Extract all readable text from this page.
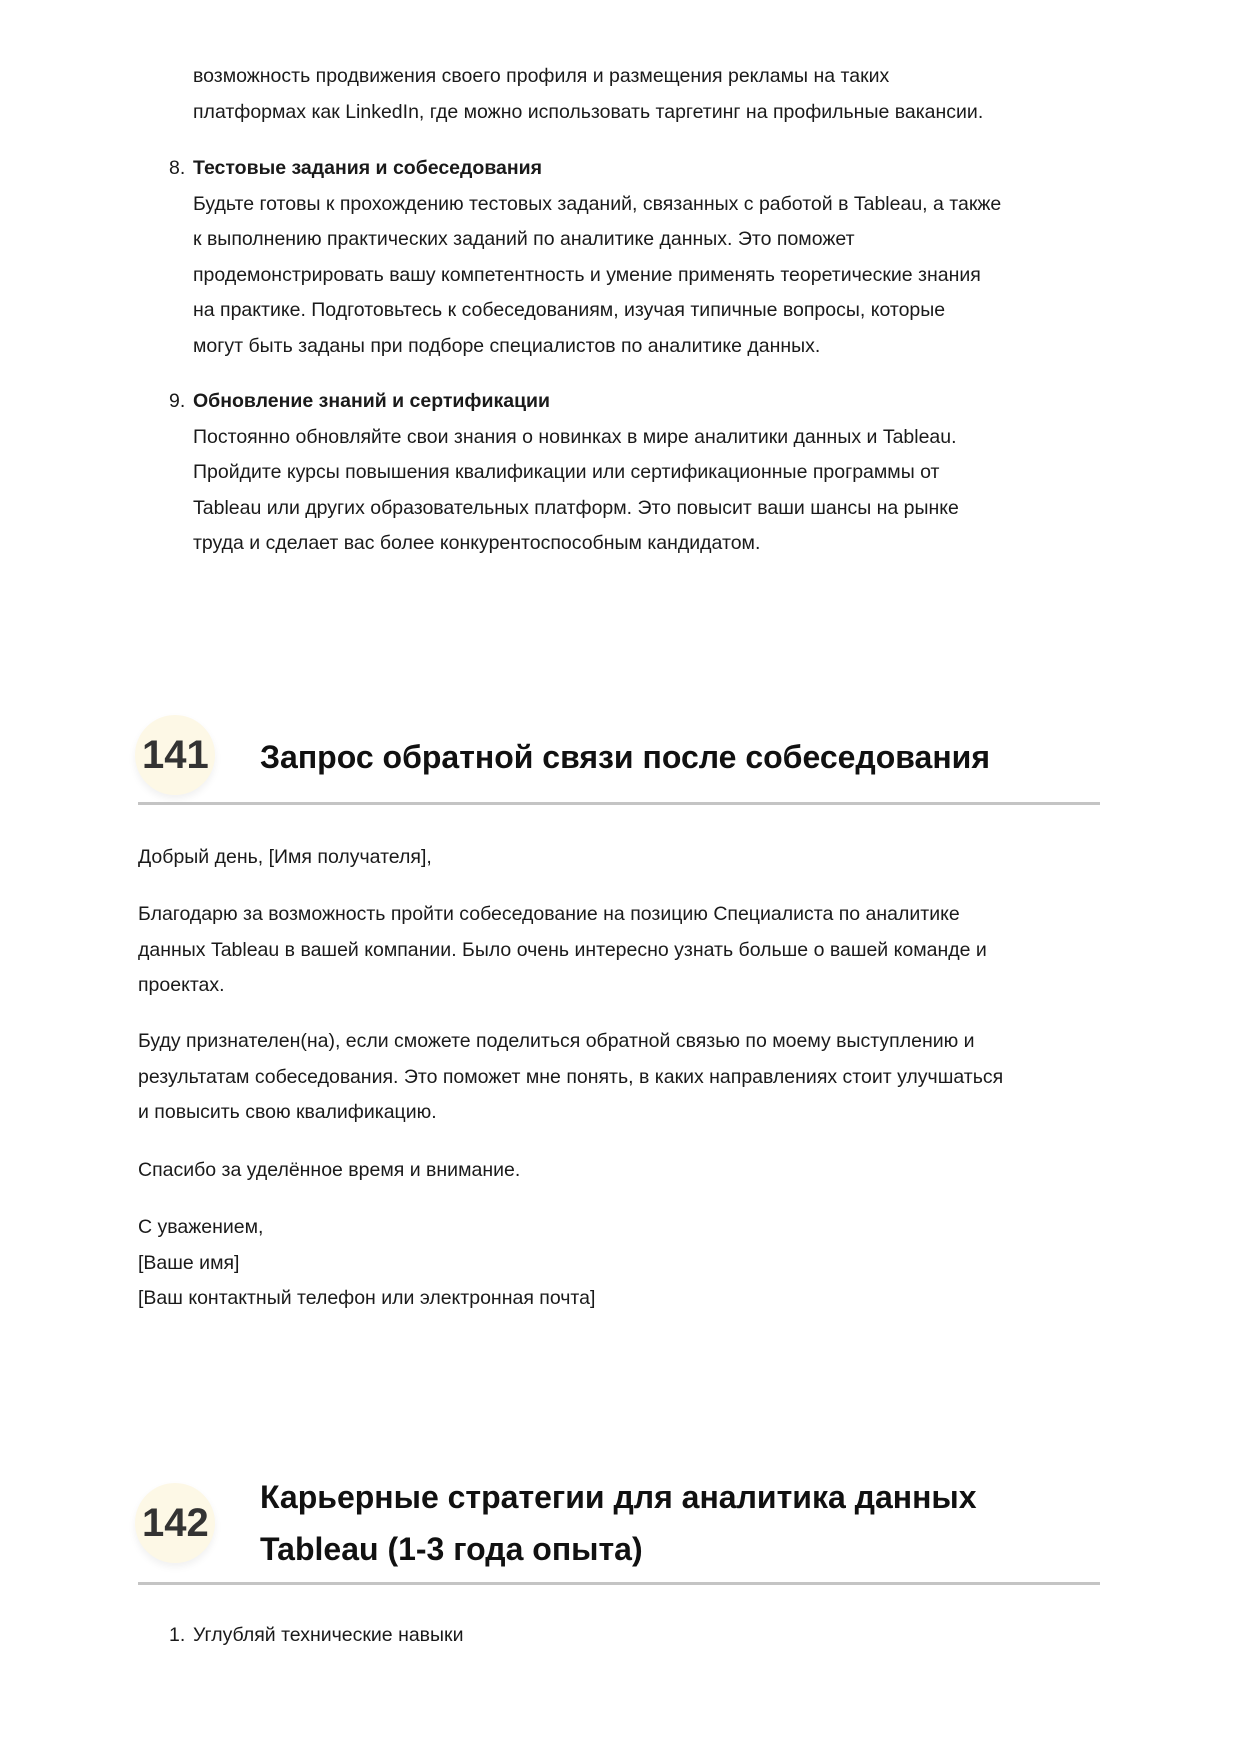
возможность продвижения своего профиля и размещения рекламы на таких
платформах как LinkedIn, где можно использовать таргетинг на профильные вакансии.
8. Тестовые задания и собеседования
Будьте готовы к прохождению тестовых заданий, связанных с работой в Tableau, а также
к выполнению практических заданий по аналитике данных. Это поможет
продемонстрировать вашу компетентность и умение применять теоретические знания
на практике. Подготовьтесь к собеседованиям, изучая типичные вопросы, которые
могут быть заданы при подборе специалистов по аналитике данных.
9. Обновление знаний и сертификации
Постоянно обновляйте свои знания о новинках в мире аналитики данных и Tableau.
Пройдите курсы повышения квалификации или сертификационные программы от
Tableau или других образовательных платформ. Это повысит ваши шансы на рынке
труда и сделает вас более конкурентоспособным кандидатом.
141 Запрос обратной связи после собеседования
Добрый день, [Имя получателя],
Благодарю за возможность пройти собеседование на позицию Специалиста по аналитике
данных Tableau в вашей компании. Было очень интересно узнать больше о вашей команде и
проектах.
Буду признателен(на), если сможете поделиться обратной связью по моему выступлению и
результатам собеседования. Это поможет мне понять, в каких направлениях стоит улучшаться
и повысить свою квалификацию.
Спасибо за уделённое время и внимание.
С уважением,
[Ваше имя]
[Ваш контактный телефон или электронная почта]
142
Карьерные стратегии для аналитика данных
Tableau (1-3 года опыта)
1. Углубляй технические навыки
